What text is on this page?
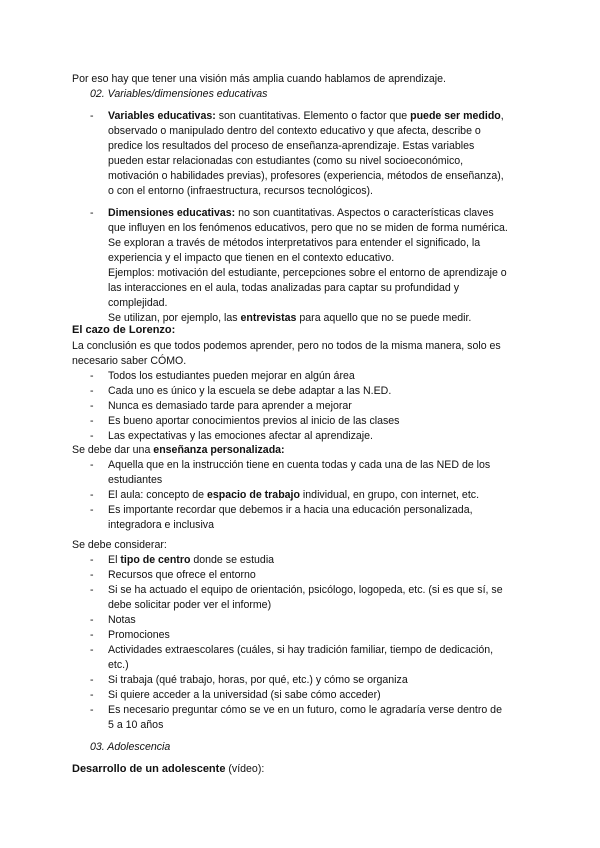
Por eso hay que tener una visión más amplia cuando hablamos de aprendizaje.
02. Variables/dimensiones educativas
- Variables educativas: son cuantitativas. Elemento o factor que puede ser medido,
observado o manipulado dentro del contexto educativo y que afecta, describe o
predice los resultados del proceso de enseñanza-aprendizaje. Estas variables
pueden estar relacionadas con estudiantes (como su nivel socioeconómico,
motivación o habilidades previas), profesores (experiencia, métodos de enseñanza),
o con el entorno (infraestructura, recursos tecnológicos).
- Dimensiones educativas: no son cuantitativas. Aspectos o características claves
que influyen en los fenómenos educativos, pero que no se miden de forma numérica.
Se exploran a través de métodos interpretativos para entender el significado, la
experiencia y el impacto que tienen en el contexto educativo.
Ejemplos: motivación del estudiante, percepciones sobre el entorno de aprendizaje o
las interacciones en el aula, todas analizadas para captar su profundidad y
complejidad.
Se utilizan, por ejemplo, las entrevistas para aquello que no se puede medir.
El cazo de Lorenzo:
La conclusión es que todos podemos aprender, pero no todos de la misma manera, solo es
necesario saber CÓMO.
- Todos los estudiantes pueden mejorar en algún área
- Cada uno es único y la escuela se debe adaptar a las N.ED.
- Nunca es demasiado tarde para aprender a mejorar
- Es bueno aportar conocimientos previos al inicio de las clases
- Las expectativas y las emociones afectar al aprendizaje.
Se debe dar una enseñanza personalizada:
- Aquella que en la instrucción tiene en cuenta todas y cada una de las NED de los
estudiantes
- El aula: concepto de espacio de trabajo individual, en grupo, con internet, etc.
- Es importante recordar que debemos ir a hacia una educación personalizada,
integradora e inclusiva
Se debe considerar:
- El tipo de centro donde se estudia
- Recursos que ofrece el entorno
- Si se ha actuado el equipo de orientación, psicólogo, logopeda, etc. (si es que sí, se
debe solicitar poder ver el informe)
- Notas
- Promociones
- Actividades extraescolares (cuáles, si hay tradición familiar, tiempo de dedicación,
etc.)
- Si trabaja (qué trabajo, horas, por qué, etc.) y cómo se organiza
- Si quiere acceder a la universidad (si sabe cómo acceder)
- Es necesario preguntar cómo se ve en un futuro, como le agradaría verse dentro de
5 a 10 años
03. Adolescencia
Desarrollo de un adolescente (vídeo):
